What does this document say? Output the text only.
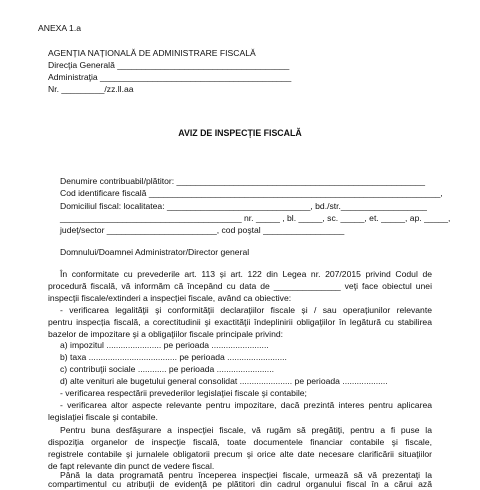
ANEXA 1.a
AGENȚIA NAȚIONALĂ DE ADMINISTRARE FISCALĂ
Direcţia Generală ____________________________________
Administraţia ________________________________________
Nr. _________/zz.ll.aa
AVIZ DE INSPECȚIE FISCALĂ
Denumire contribuabil/plătitor: ____________________________________________________
Cod identificare fiscală _____________________________________________________________,
Domiciliul fiscal: localitatea: ______________________________, bd./str.__________________
______________________________________ nr. _____ , bl. _____, sc. _____, et. _____, ap. _____,
judeţ/sector _______________________, cod poştal _________________
Domnului/Doamnei Administrator/Director general
În conformitate cu prevederile art. 113 și art. 122 din Legea nr. 207/2015 privind Codul de
procedură fiscală, vă informăm că începând cu data de ______________ veţi face obiectul unei
inspecţii fiscale/extinderi a inspecției fiscale, având ca obiective:
- verificarea legalităţii şi conformităţii declaraţiilor fiscale și / sau operațiunilor relevante
pentru inspecția fiscală, a corectitudinii şi exactităţii îndeplinirii obligaţiilor în legătură cu stabilirea
bazelor de impozitare şi a obligaţiilor fiscale principale privind:
a) impozitul ....................... pe perioada ........................
b) taxa ..................................... pe perioada .........................
c) contribuţii sociale ............ pe perioada ........................
d) alte venituri ale bugetului general consolidat ...................... pe perioada ...................
- verificarea respectării prevederilor legislaţiei fiscale şi contabile;
- verificarea altor aspecte relevante pentru impozitare, dacă prezintă interes pentru aplicarea
legislaţiei fiscale şi contabile.
Pentru buna desfăşurare a inspecţiei fiscale, vă rugăm să pregătiţi, pentru a fi puse la
dispoziţia organelor de inspecţie fiscală, toate documentele financiar contabile şi fiscale,
registrele contabile şi jurnalele obligatorii precum şi orice alte date necesare clarificării situaţiilor
de fapt relevante din punct de vedere fiscal.
Până la data programată pentru începerea inspecţiei fiscale, urmează să vă prezentaţi la
compartimentul cu atribuţii de evidenţă pe plătitori din cadrul organului fiscal în a cărui ază
